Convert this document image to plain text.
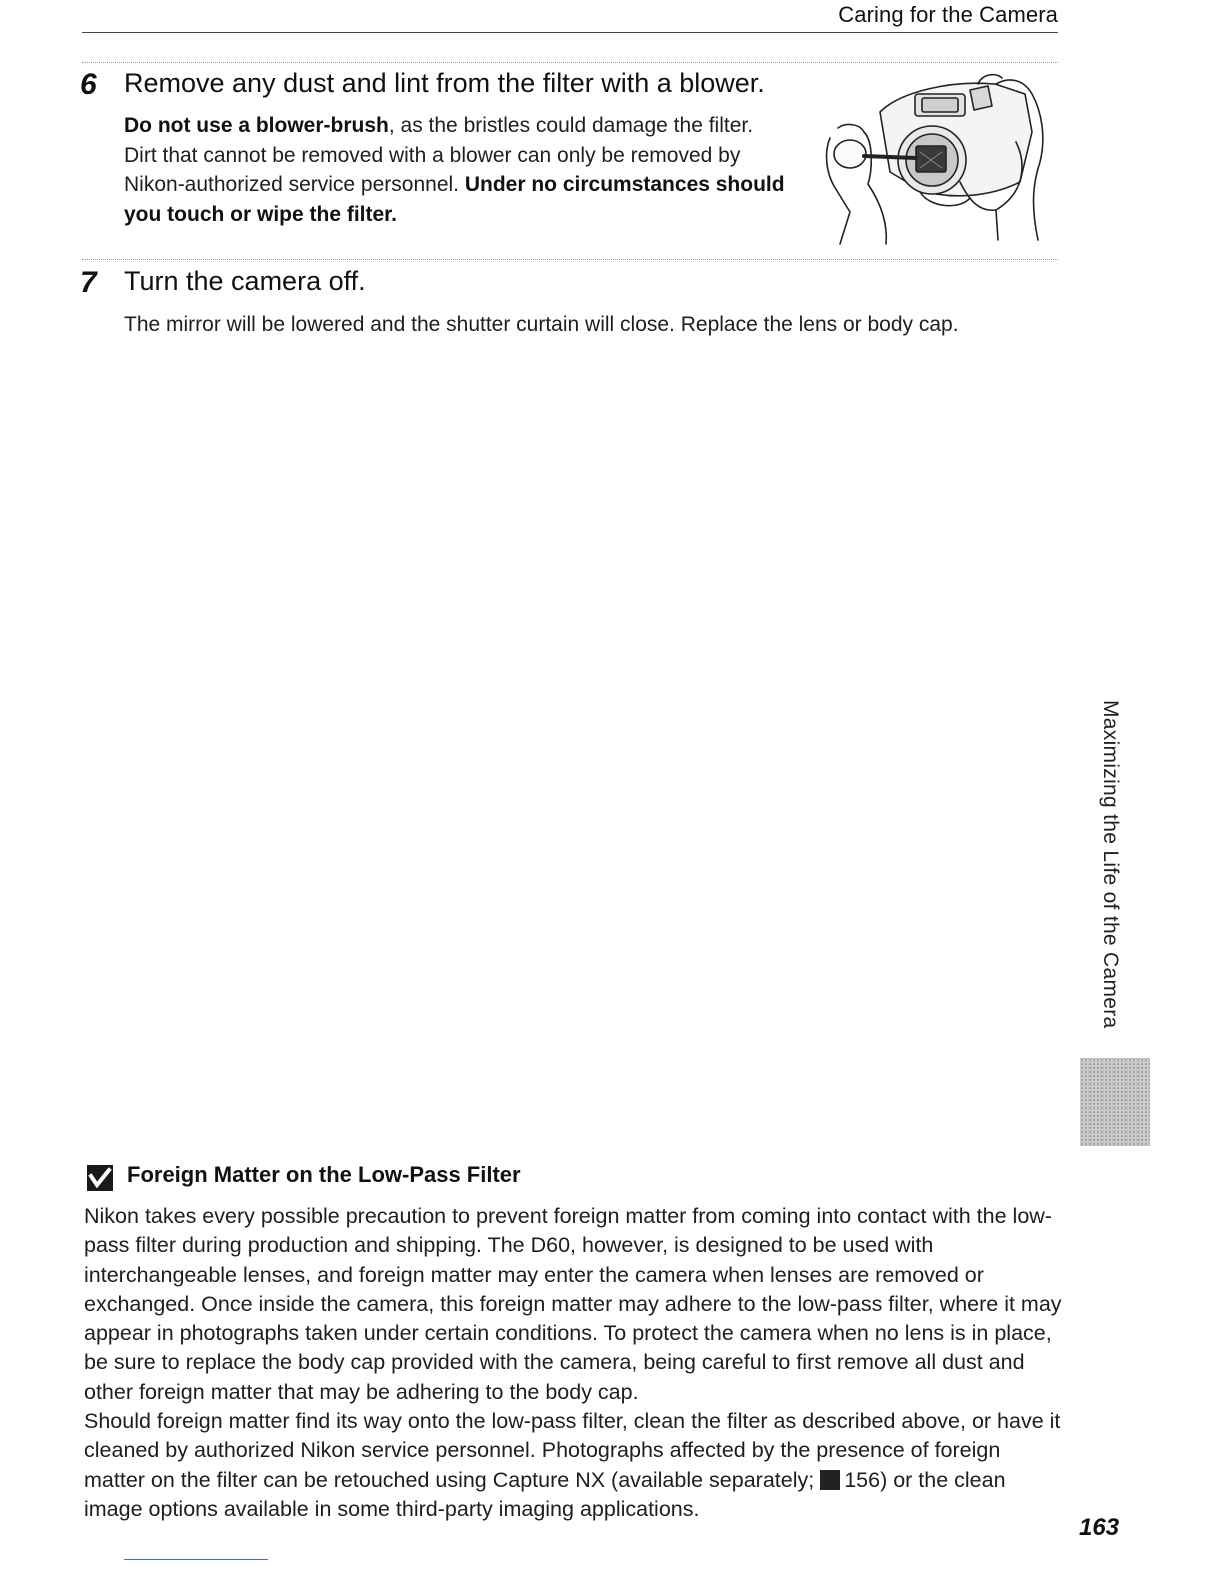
Caring for the Camera
6 Remove any dust and lint from the filter with a blower.
Do not use a blower-brush, as the bristles could damage the filter.
Dirt that cannot be removed with a blower can only be removed by
Nikon-authorized service personnel. Under no circumstances should
you touch or wipe the filter.
7 Turn the camera off.
The mirror will be lowered and the shutter curtain will close. Replace the lens or body cap.
Maximizing the Life of the Camera
Foreign Matter on the Low-Pass Filter

Nikon takes every possible precaution to prevent foreign matter from coming into contact with the low-pass filter during production and shipping. The D60, however, is designed to be used with interchangeable lenses, and foreign matter may enter the camera when lenses are removed or exchanged. Once inside the camera, this foreign matter may adhere to the low-pass filter, where it may appear in photographs taken under certain conditions. To protect the camera when no lens is in place, be sure to replace the body cap provided with the camera, being careful to first remove all dust and other foreign matter that may be adhering to the body cap.

Should foreign matter find its way onto the low-pass filter, clean the filter as described above, or have it cleaned by authorized Nikon service personnel. Photographs affected by the presence of foreign matter on the filter can be retouched using Capture NX (available separately; 156) or the clean image options available in some third-party imaging applications.

163
